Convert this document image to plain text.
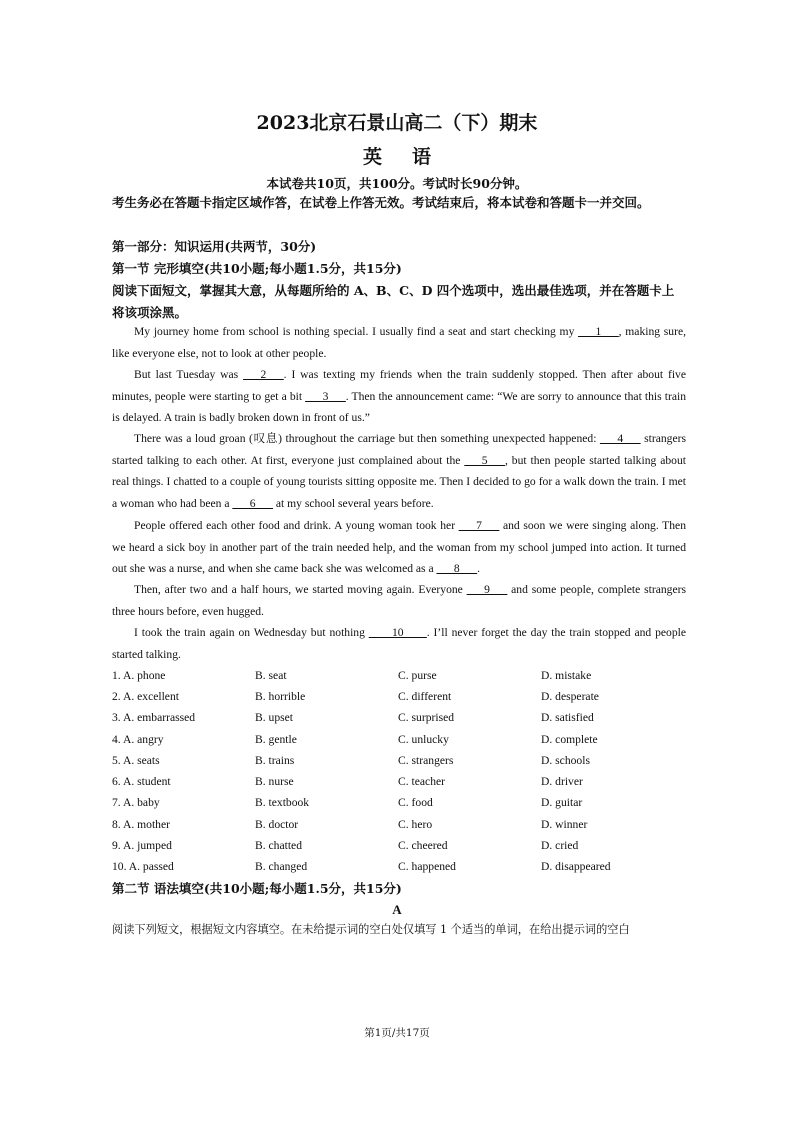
2023北京石景山高二（下）期末
英语
本试卷共10页，共100分。考试时长90分钟。
考生务必在答题卡指定区域作答，在试卷上作答无效。考试结束后，将本试卷和答题卡一并交回。
第一部分：知识运用(共两节，30分)
第一节 完形填空(共10小题;每小题1.5分，共15分)
阅读下面短文，掌握其大意，从每题所给的 A、B、C、D 四个选项中，选出最佳选项，并在答题卡上将该项涂黑。
My journey home from school is nothing special. I usually find a seat and start checking my ___1___, making sure, like everyone else, not to look at other people.
But last Tuesday was ___2___. I was texting my friends when the train suddenly stopped. Then after about five minutes, people were starting to get a bit ___3___. Then the announcement came: “We are sorry to announce that this train is delayed. A train is badly broken down in front of us.”
There was a loud groan (叹息) throughout the carriage but then something unexpected happened: ___4___ strangers started talking to each other. At first, everyone just complained about the ___5___, but then people started talking about real things. I chatted to a couple of young tourists sitting opposite me. Then I decided to go for a walk down the train. I met a woman who had been a ___6___ at my school several years before.
People offered each other food and drink. A young woman took her ___7___ and soon we were singing along. Then we heard a sick boy in another part of the train needed help, and the woman from my school jumped into action. It turned out she was a nurse, and when she came back she was welcomed as a ___8___.
Then, after two and a half hours, we started moving again. Everyone ___9___ and some people, complete strangers three hours before, even hugged.
I took the train again on Wednesday but nothing ____10____. I’ll never forget the day the train stopped and people started talking.
1. A. phone	B. seat	C. purse	D. mistake
2. A. excellent	B. horrible	C. different	D. desperate
3. A. embarrassed	B. upset	C. surprised	D. satisfied
4. A. angry	B. gentle	C. unlucky	D. complete
5. A. seats	B. trains	C. strangers	D. schools
6. A. student	B. nurse	C. teacher	D. driver
7. A. baby	B. textbook	C. food	D. guitar
8. A. mother	B. doctor	C. hero	D. winner
9. A. jumped	B. chatted	C. cheered	D. cried
10. A. passed	B. changed	C. happened	D. disappeared
第二节 语法填空(共10小题;每小题1.5分，共15分)
A
阅读下列短文，根据短文内容填空。在未给提示词的空白处仅填写 1 个适当的单词，在给出提示词的空白
第1页/共17页
